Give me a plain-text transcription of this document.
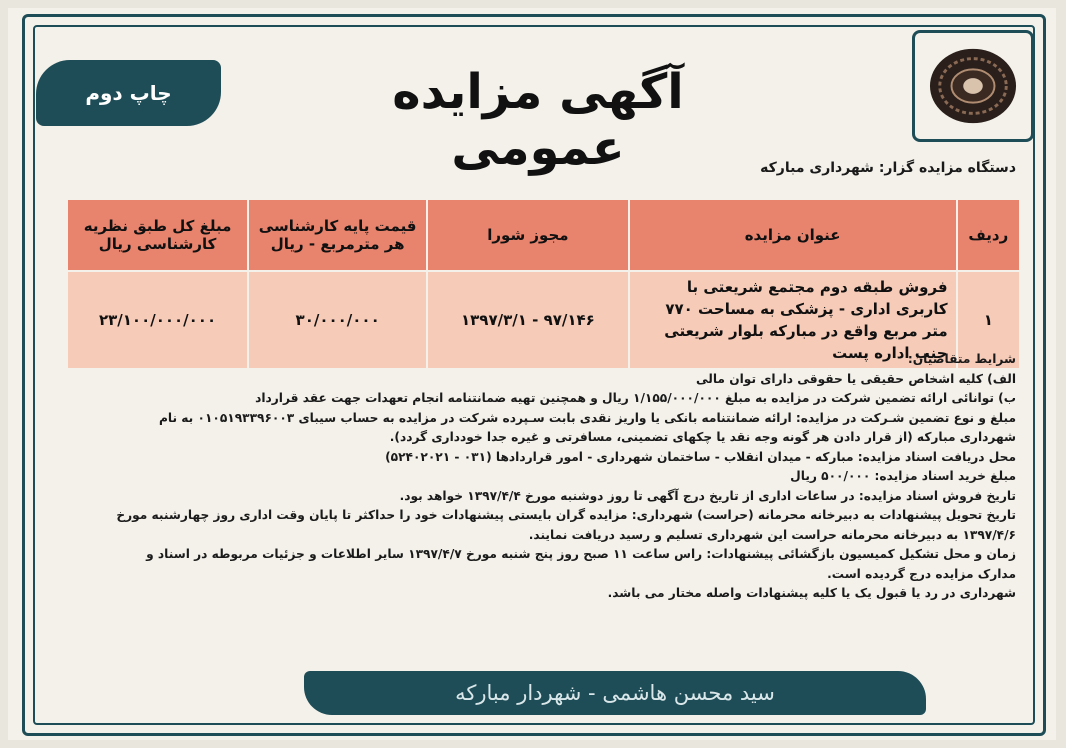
آگهی مزایده عمومی
چاپ دوم
دستگاه مزایده گزار: شهرداری مبارکه
ردیف	عنوان مزایده	مجوز شورا	قیمت پایه کارشناسی هر مترمربع - ریال	مبلغ کل طبق نظریه کارشناسی ریال
۱	فروش طبقه دوم مجتمع شریعتی با کاربری اداری - پزشکی به مساحت ۷۷۰ متر مربع واقع در مبارکه بلوار شریعتی جنب اداره پست	۹۷/۱۴۶ - ۱۳۹۷/۳/۱	۳۰/۰۰۰/۰۰۰	۲۳/۱۰۰/۰۰۰/۰۰۰

شرایط متقاضیان:

الف) کلیه اشخاص حقیقی یا حقوقی دارای توان مالی

ب) توانائی ارائه تضمین شرکت در مزایده به مبلغ ۱/۱۵۵/۰۰۰/۰۰۰ ریال و همچنین تهیه ضمانتنامه انجام تعهدات جهت عقد قرارداد

مبلغ و نوع تضمین شـرکت در مزایده: ارائه ضمانتنامه بانکی یا واریز نقدی بابت سـپرده شرکت در مزایده به حساب سیبای ۰۱۰۵۱۹۳۳۹۶۰۰۳ به نام

شهرداری مبارکه (از قرار دادن هر گونه وجه نقد یا چکهای تضمینی، مسافرتی و غیره جدا خودداری گردد).

محل دریافت اسناد مزایده: مبارکه - میدان انقلاب - ساختمان شهرداری - امور قراردادها (۰۳۱ - ۵۲۴۰۲۰۲۱)

مبلغ خرید اسناد مزایده: ۵۰۰/۰۰۰ ریال

تاریخ فروش اسناد مزایده: در ساعات اداری از تاریخ درج آگهی تا روز دوشنبه مورخ ۱۳۹۷/۴/۴ خواهد بود.

تاریخ تحویل پیشنهادات به دبیرخانه محرمانه (حراست) شهرداری: مزایده گران بایستی پیشنهادات خود را حداکثر تا پایان وقت اداری روز چهارشنبه مورخ

۱۳۹۷/۴/۶ به دبیرخانه محرمانه حراست این شهرداری تسلیم و رسید دریافت نمایند.

زمان و محل تشکیل کمیسیون بازگشائی پیشنهادات: راس ساعت ۱۱ صبح روز پنج شنبه مورخ ۱۳۹۷/۴/۷ سایر اطلاعات و جزئیات مربوطه در اسناد و

مدارک مزایده درج گردیده است.

شهرداری در رد یا قبول یک یا کلیه پیشنهادات واصله مختار می باشد.

سید محسن هاشمی - شهردار مبارکه
